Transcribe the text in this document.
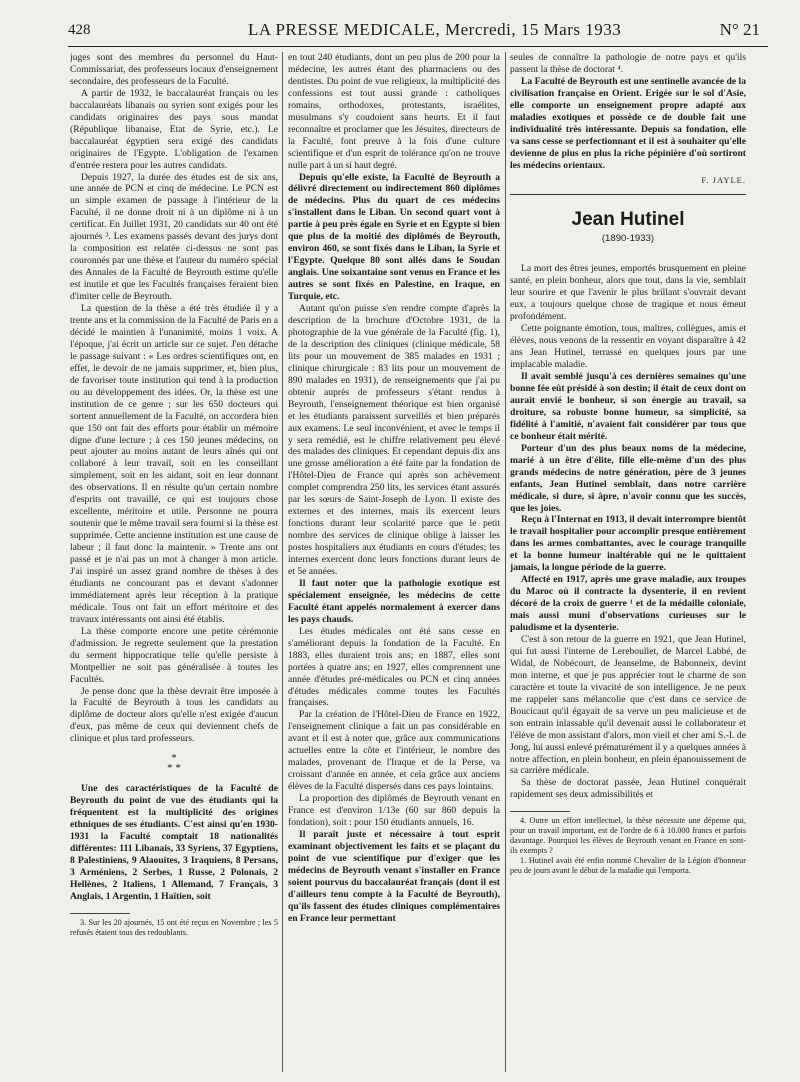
428	LA PRESSE MEDICALE, Mercredi, 15 Mars 1933	N° 21

juges sont des membres du personnel du Haut-Commissariat, des professeurs locaux d'enseignement secondaire, des professeurs de la Faculté.

A partir de 1932, le baccalauréat français ou les baccalauréats libanais ou syrien sont exigés pour les candidats originaires des pays sous mandat (République libanaise, Etat de Syrie, etc.). Le baccalauréat égyptien sera exigé des candidats originaires de l'Egypte. L'obligation de l'examen d'entrée restera pour les autres candidats.

Depuis 1927, la durée des études est de six ans, une année de PCN et cinq de médecine. Le PCN est un simple examen de passage à l'intérieur de la Faculté, il ne donne droit ni à un diplôme ni à un certificat. En Juillet 1931, 20 candidats sur 40 ont été ajournés ³. Les examens passés devant des jurys dont la composition est relatée ci-dessus ne sont pas couronnés par une thèse et l'auteur du numéro spécial des Annales de la Faculté de Beyrouth estime qu'elle est inutile et que les Facultés françaises feraient bien d'imiter celle de Beyrouth.

La question de la thèse a été très étudiée il y a trente ans et la commission de la Faculté de Paris en a décidé le maintien à l'unanimité, moins 1 voix. A l'époque, j'ai écrit un article sur ce sujet. J'en détache le passage suivant : « Les ordres scientifiques ont, en effet, le devoir de ne jamais supprimer, et, bien plus, de favoriser toute institution qui tend à la production ou au développement des idées. Or, la thèse est une institution de ce genre ; sur les 650 docteurs qui sortent annuellement de la Faculté, on accordera bien que 150 ont fait des efforts pour établir un mémoire digne d'une lecture ; à ces 150 jeunes médecins, on peut ajouter au moins autant de leurs aînés qui ont collaboré à leur travail, soit en les conseillant simplement, soit en les aidant, soit en leur donnant des observations. Il en résulte qu'un certain nombre d'esprits ont travaillé, ce qui est toujours chose excellente, méritoire et utile. Personne ne pourra soutenir que le même travail sera fourni si la thèse est supprimée. Cette ancienne institution est une cause de labeur ; il faut donc la maintenir. » Trente ans ont passé et je n'ai pas un mot à changer à mon article. J'ai inspiré un assez grand nombre de thèses à des étudiants ne concourant pas et devant s'adonner immédiatement après leur réception à la pratique médicale. Tous ont fait un effort méritoire et des travaux intéressants ont ainsi été établis.

La thèse comporte encore une petite cérémonie d'admission. Je regrette seulement que la prestation du serment hippocratique telle qu'elle persiste à Montpellier ne soit pas généralisée à toutes les Facultés.

Je pense donc que la thèse devrait être imposée à la Faculté de Beyrouth à tous les candidats au diplôme de docteur alors qu'elle n'est exigée d'aucun d'eux, pas même de ceux qui deviennent chefs de clinique et plus tard professeurs.

*
* *

Une des caractéristiques de la Faculté de Beyrouth du point de vue des étudiants qui la fréquentent est la multiplicité des origines ethniques de ses étudiants. C'est ainsi qu'en 1930-1931 la Faculté comptait 18 nationalités différentes: 111 Libanais, 33 Syriens, 37 Egyptiens, 8 Palestiniens, 9 Alaouites, 3 Iraquiens, 8 Persans, 3 Arméniens, 2 Serbes, 1 Russe, 2 Polonais, 2 Hellènes, 2 Italiens, 1 Allemand, 7 Français, 3 Anglais, 1 Argentin, 1 Haïtien, soit

3. Sur les 20 ajournés, 15 ont été reçus en Novembre ; les 5 refusés étaient tous des redoublants.

en tout 240 étudiants, dont un peu plus de 200 pour la médecine, les autres étant des pharmaciens ou des dentistes. Du point de vue religieux, la multiplicité des confessions est tout aussi grande : catholiques romains, orthodoxes, protestants, israélites, musulmans s'y coudoient sans heurts. Et il faut reconnaître et proclamer que les Jésuites, directeurs de la Faculté, font preuve à la fois d'une culture scientifique et d'un esprit de tolérance qu'on ne trouve nulle part à un si haut degré.

Depuis qu'elle existe, la Faculté de Beyrouth a délivré directement ou indirectement 860 diplômes de médecins. Plus du quart de ces médecins s'installent dans le Liban. Un second quart vont à partie à peu près égale en Syrie et en Egypte si bien que plus de la moitié des diplômés de Beyrouth, environ 460, se sont fixés dans le Liban, la Syrie et l'Egypte. Quelque 80 sont allés dans le Soudan anglais. Une soixantaine sont venus en France et les autres se sont fixés en Palestine, en Iraque, en Turquie, etc.

Autant qu'on puisse s'en rendre compte d'après la description de la brochure d'Octobre 1931, de la photographie de la vue générale de la Faculté (fig. 1), de la description des cliniques (clinique médicale, 58 lits pour un mouvement de 385 malades en 1931 ; clinique chirurgicale : 83 lits pour un mouvement de 890 malades en 1931), de renseignements que j'ai pu obtenir auprès de professeurs s'étant rendus à Beyrouth, l'enseignement théorique est bien organisé et les étudiants paraissent surveillés et bien préparés aux examens. Le seul inconvénient, et avec le temps il y sera remédié, est le chiffre relativement peu élevé des malades des cliniques. Et cependant depuis dix ans une grosse amélioration a été faite par la fondation de l'Hôtel-Dieu de France qui après son achèvement complet comprendra 250 lits, les services étant assurés par les sœurs de Saint-Joseph de Lyon. Il existe des externes et des internes, mais ils exercent leurs fonctions durant leur scolarité parce que le petit nombre des services de clinique oblige à laisser les postes hospitaliers aux étudiants en cours d'études; les internes exercent donc leurs fonctions durant leurs 4e et 5e années.

Il faut noter que la pathologie exotique est spécialement enseignée, les médecins de cette Faculté étant appelés normalement à exercer dans les pays chauds.

Les études médicales ont été sans cesse en s'améliorant depuis la fondation de la Faculté. En 1883, elles duraient trois ans; en 1887, elles sont portées à quatre ans; en 1927, elles comprennent une année d'études pré-médicales ou PCN et cinq années d'études médicales comme toutes les Facultés françaises.

Par la création de l'Hôtel-Dieu de France en 1922, l'enseignement clinique a fait un pas considérable en avant et il est à noter que, grâce aux communications actuelles entre la côte et l'intérieur, le nombre des malades, provenant de l'Iraque et de la Perse, va croissant d'année en année, et cela grâce aux anciens élèves de la Faculté dispersés dans ces pays lointains.

La proportion des diplômés de Beyrouth venant en France est d'environ 1/13e (60 sur 860 depuis la fondation), soit : pour 150 étudiants annuels, 16.

Il paraît juste et nécessaire à tout esprit examinant objectivement les faits et se plaçant du point de vue scientifique pur d'exiger que les médecins de Beyrouth venant s'installer en France soient pourvus du baccalauréat français (dont il est d'ailleurs tenu compte à la Faculté de Beyrouth), qu'ils fassent des études cliniques complémentaires en France leur permettant

seules de connaître la pathologie de notre pays et qu'ils passent la thèse de doctorat ⁴.

La Faculté de Beyrouth est une sentinelle avancée de la civilisation française en Orient. Erigée sur le sol d'Asie, elle comporte un enseignement propre adapté aux maladies exotiques et possède ce de double fait une individualité très intéressante. Depuis sa fondation, elle va sans cesse se perfectionnant et il est à souhaiter qu'elle devienne de plus en plus la riche pépinière d'où sortiront les médecins orientaux.

F. JAYLE.
Jean Hutinel
(1890-1933)

La mort des êtres jeunes, emportés brusquement en pleine santé, en plein bonheur, alors que tout, dans la vie, semblait leur sourire et que l'avenir le plus brillant s'ouvrait devant eux, a toujours quelque chose de tragique et nous émeut profondément.

Cette poignante émotion, tous, maîtres, collègues, amis et élèves, nous venons de la ressentir en voyant disparaître à 42 ans Jean Hutinel, terrassé en quelques jours par une implacable maladie.

Il avait semblé jusqu'à ces dernières semaines qu'une bonne fée eût présidé à son destin; il était de ceux dont on aurait envié le bonheur, si son énergie au travail, sa droiture, sa robuste bonne humeur, sa simplicité, sa fidélité à l'amitié, n'avaient fait considérer par tous que ce bonheur était mérité.

Porteur d'un des plus beaux noms de la médecine, marié à un être d'élite, fille elle-même d'un des plus grands médecins de notre génération, père de 3 jeunes enfants, Jean Hutinel semblait, dans notre carrière médicale, si dure, si âpre, n'avoir connu que les succès, que les joies.

Reçu à l'Internat en 1913, il devait interrompre bientôt le travail hospitalier pour accomplir presque entièrement dans les armes combattantes, avec le courage tranquille et la bonne humeur inaltérable qui ne le quittaient jamais, la longue période de la guerre.

Affecté en 1917, après une grave maladie, aux troupes du Maroc où il contracte la dysenterie, il en revient décoré de la croix de guerre ¹ et de la médaille coloniale, mais aussi muni d'observations curieuses sur le paludisme et la dysenterie.

C'est à son retour de la guerre en 1921, que Jean Hutinel, qui fut aussi l'interne de Lereboullet, de Marcel Labbé, de Widal, de Nobécourt, de Jeanselme, de Babonneix, devint mon interne, et que je pus apprécier tout le charme de son caractère et toute la vivacité de son intelligence. Je ne peux me rappeler sans mélancolie que c'est dans ce service de Boucicaut qu'il égayait de sa verve un peu malicieuse et de son entrain inlassable qu'il devenait aussi le collaborateur et l'élève de mon assistant d'alors, mon vieil et cher ami S.-I. de Jong, lui aussi enlevé prématurément il y a quelques années à notre affection, en plein bonheur, en plein épanouissement de sa carrière médicale.

Sa thèse de doctorat passée, Jean Hutinel conquérait rapidement ses deux admissibilités et

4. Outre un effort intellectuel, la thèse nécessite une dépense qui, pour un travail important, est de l'ordre de 6 à 10.000 francs et parfois davantage. Pourquoi les élèves de Beyrouth venant en France en sont-ils exempts ?

1. Hutinel avait été enfin nommé Chevalier de la Légion d'honneur peu de jours avant le début de la maladie qui l'emporta.
